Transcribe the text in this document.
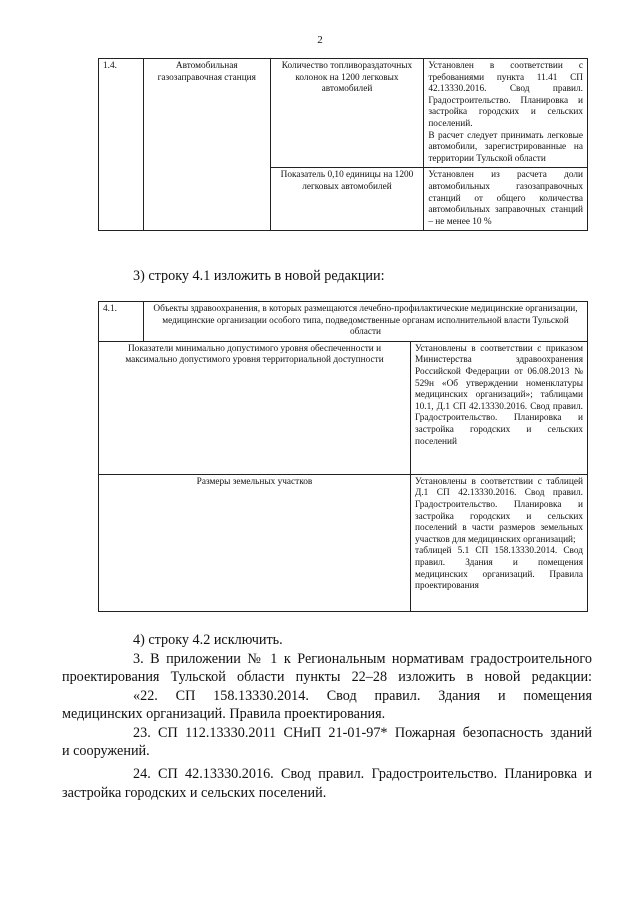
2
1.4.	Автомобильная газозаправочная станция	Количество топливораздаточных колонок на 1200 легковых автомобилей	Установлен в соответствии с требованиями пункта 11.41 СП 42.13330.2016. Свод правил. Градостроительство. Планировка и застройка городских и сельских поселений.
В расчет следует принимать легковые автомобили, зарегистрированные на территории Тульской области

		Показатель 0,10 единицы на 1200 легковых автомобилей	Установлен из расчета доли автомобильных газозаправочных станций от общего количества автомобильных заправочных станций – не менее 10 %

3) строку 4.1 изложить в новой редакции:

4.1.	Объекты здравоохранения, в которых размещаются лечебно-профилактические медицинские организации, медицинские организации особого типа, подведомственные органам исполнительной власти Тульской области	
Показатели минимально допустимого уровня обеспеченности и максимально допустимого уровня территориальной доступности		Установлены в соответствии с приказом Министерства здравоохранения Российской Федерации от 06.08.2013 № 529н «Об утверждении номенклатуры медицинских организаций»; таблицами 10.1, Д.1 СП 42.13330.2016. Свод правил. Градостроительство. Планировка и застройка городских и сельских поселений

Размеры земельных участков		Установлены в соответствии с таблицей Д.1 СП 42.13330.2016. Свод правил. Градостроительство. Планировка и застройка городских и сельских поселений в части размеров земельных участков для медицинских организаций;
таблицей 5.1 СП 158.13330.2014. Свод правил. Здания и помещения медицинских организаций. Правила проектирования

4) строку 4.2 исключить.

3. В приложении № 1 к Региональным нормативам градостроительного

проектирования Тульской области пункты 22–28 изложить в новой редакции:

«22. СП 158.13330.2014. Свод правил. Здания и помещения

медицинских организаций. Правила проектирования.

23. СП 112.13330.2011 СНиП 21-01-97* Пожарная безопасность зданий

и сооружений.

24. СП 42.13330.2016. Свод правил. Градостроительство. Планировка и

застройка городских и сельских поселений.
